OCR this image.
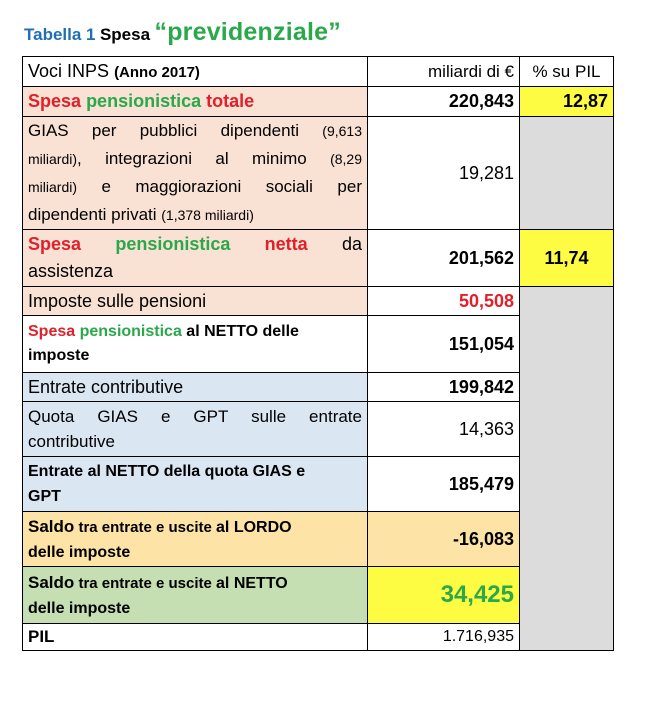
Tabella 1 Spesa “previdenziale”
Voci INPS (Anno 2017)	miliardi di €	% su PIL
Spesa pensionistica totale	220,843	12,87

GIAS per pubblici dipendenti (9,613
miliardi), integrazioni al minimo (8,29
miliardi) e maggiorazioni sociali per
dipendenti privati (1,378 miliardi)	19,281	

Spesa pensionistica netta da
assistenza	201,562	11,74
Imposte sulle pensioni	50,508	
Spesa pensionistica al NETTO delle
imposte	151,054	
Entrate contributive	199,842	

Quota GIAS e GPT sulle entrate
contributive	14,363	

Entrate al NETTO della quota GIAS e
GPT	185,479	

Saldo tra entrate e uscite al LORDO
delle imposte	-16,083	

Saldo tra entrate e uscite al NETTO
delle imposte	34,425	
PIL	1.716,935	
